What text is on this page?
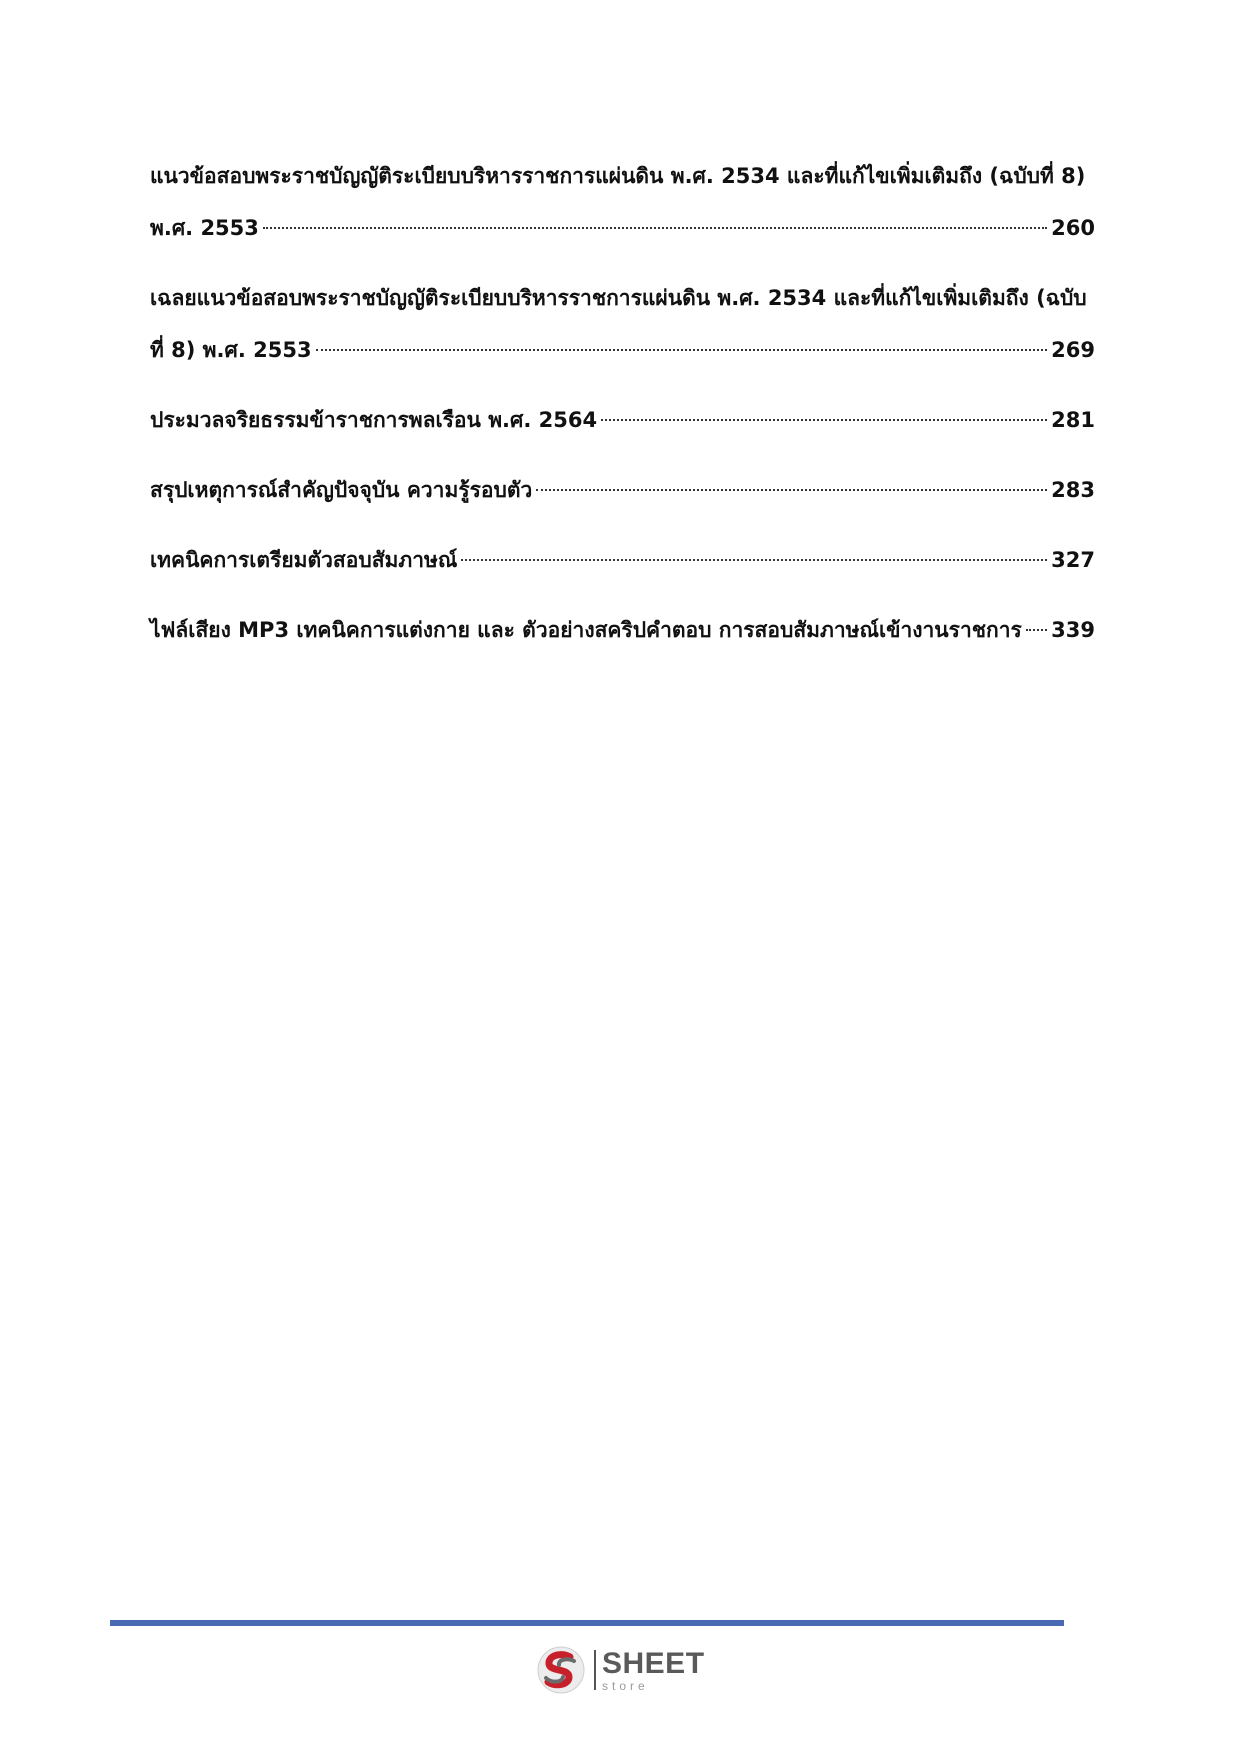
แนวข้อสอบพระราชบัญญัติระเบียบบริหารราชการแผ่นดิน พ.ศ. 2534 และที่แก้ไขเพิ่มเติมถึง (ฉบับที่ 8)
พ.ศ. 2553	260
เฉลยแนวข้อสอบพระราชบัญญัติระเบียบบริหารราชการแผ่นดิน พ.ศ. 2534 และที่แก้ไขเพิ่มเติมถึง (ฉบับ
ที่ 8) พ.ศ. 2553	269
ประมวลจริยธรรมข้าราชการพลเรือน พ.ศ. 2564	281
สรุปเหตุการณ์สำคัญปัจจุบัน ความรู้รอบตัว	283
เทคนิคการเตรียมตัวสอบสัมภาษณ์	327
ไฟล์เสียง MP3 เทคนิคการแต่งกาย และ ตัวอย่างสคริปคำตอบ การสอบสัมภาษณ์เข้างานราชการ 339
SHEET
store
